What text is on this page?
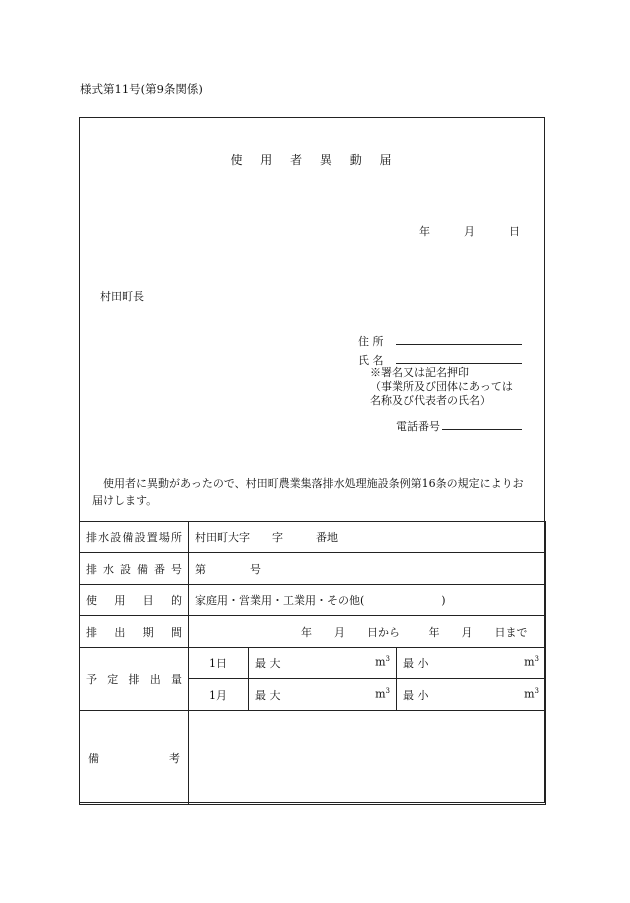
様式第11号(第9条関係)
使 用 者 異 動 届
年	月	日
村田町長
住 所
氏 名
※署名又は記名押印
（事業所及び団体にあっては
名称及び代表者の氏名）
電話番号
使用者に異動があったので、村田町農業集落排水処理施設条例第16条の規定によりお届けします。
排水設備設置場所	村田町大字　　字　　　番地		
排水設備番号	第　　　　号		
使用目的	家庭用・営業用・工業用・その他(　　　　　　　)		
排出期間	年　　月　　日から 年　　月　　日まで		
予定排出量	1日	最 大 $m^3$	最 小 $m^3$

	1月	最 大 $m^3$	最 小 $m^3$

備考			
